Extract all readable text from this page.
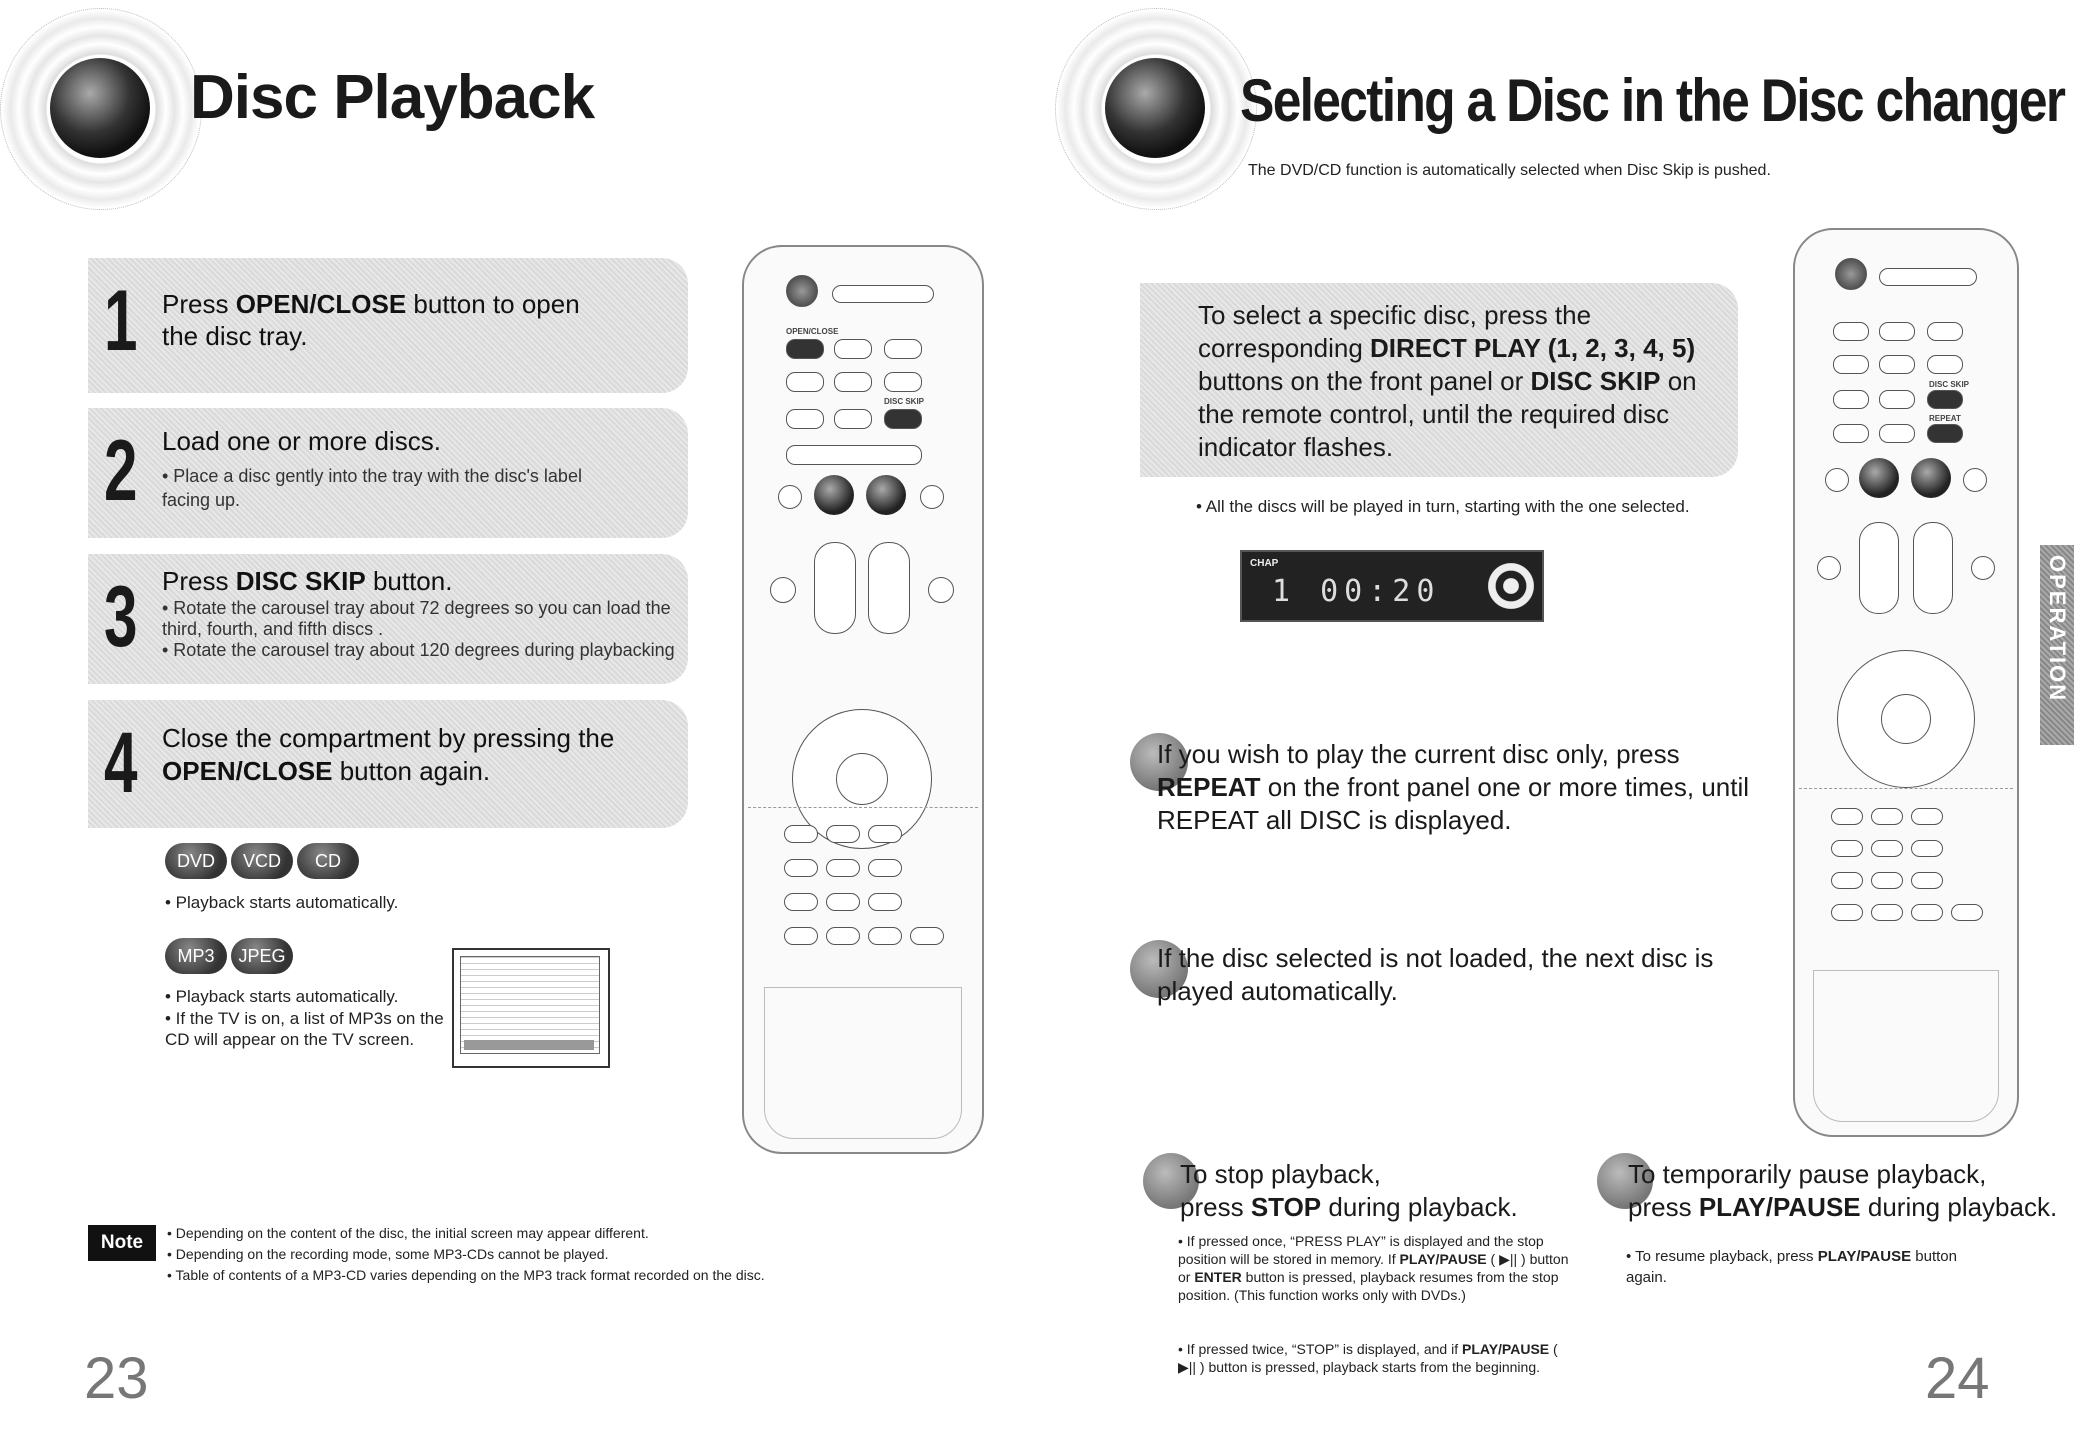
Disc Playback
1 Press OPEN/CLOSE button to open the disc tray.
2 Load one or more discs.
• Place a disc gently into the tray with the disc's label facing up.
3 Press DISC SKIP button.
• Rotate the carousel tray about 72 degrees so you can load the third, fourth, and fifth discs .
• Rotate the carousel tray about 120 degrees during playbacking
4 Close the compartment by pressing the OPEN/CLOSE button again.
DVD VCD CD
• Playback starts automatically.
MP3 JPEG
• Playback starts automatically.
• If the TV is on, a list of MP3s on the CD will appear on the TV screen.
OPEN/CLOSE
DISC SKIP
Note	• Depending on the content of the disc, the initial screen may appear different.
• Depending on the recording mode, some MP3-CDs cannot be played.
• Table of contents of a MP3-CD varies depending on the MP3 track format recorded on the disc.
23
Selecting a Disc in the Disc changer
The DVD/CD function is automatically selected when Disc Skip is pushed.
To select a specific disc, press the corresponding DIRECT PLAY (1, 2, 3, 4, 5) buttons on the front panel or DISC SKIP on the remote control, until the required disc indicator flashes.
• All the discs will be played in turn, starting with the one selected.
CHAP
1 00:20
If you wish to play the current disc only, press REPEAT on the front panel one or more times, until REPEAT all DISC is displayed.
If the disc selected is not loaded, the next disc is played automatically.
To stop playback,
press STOP during playback.
• If pressed once, “PRESS PLAY” is displayed and the stop position will be stored in memory. If PLAY/PAUSE ( ▶|| ) button or ENTER button is pressed, playback resumes from the stop position. (This function works only with DVDs.)
• If pressed twice, “STOP” is displayed, and if PLAY/PAUSE ( ▶|| ) button is pressed, playback starts from the beginning.
To temporarily pause playback,
press PLAY/PAUSE during playback.
• To resume playback, press PLAY/PAUSE button again.
24
OPERATION
DISC SKIP
REPEAT
